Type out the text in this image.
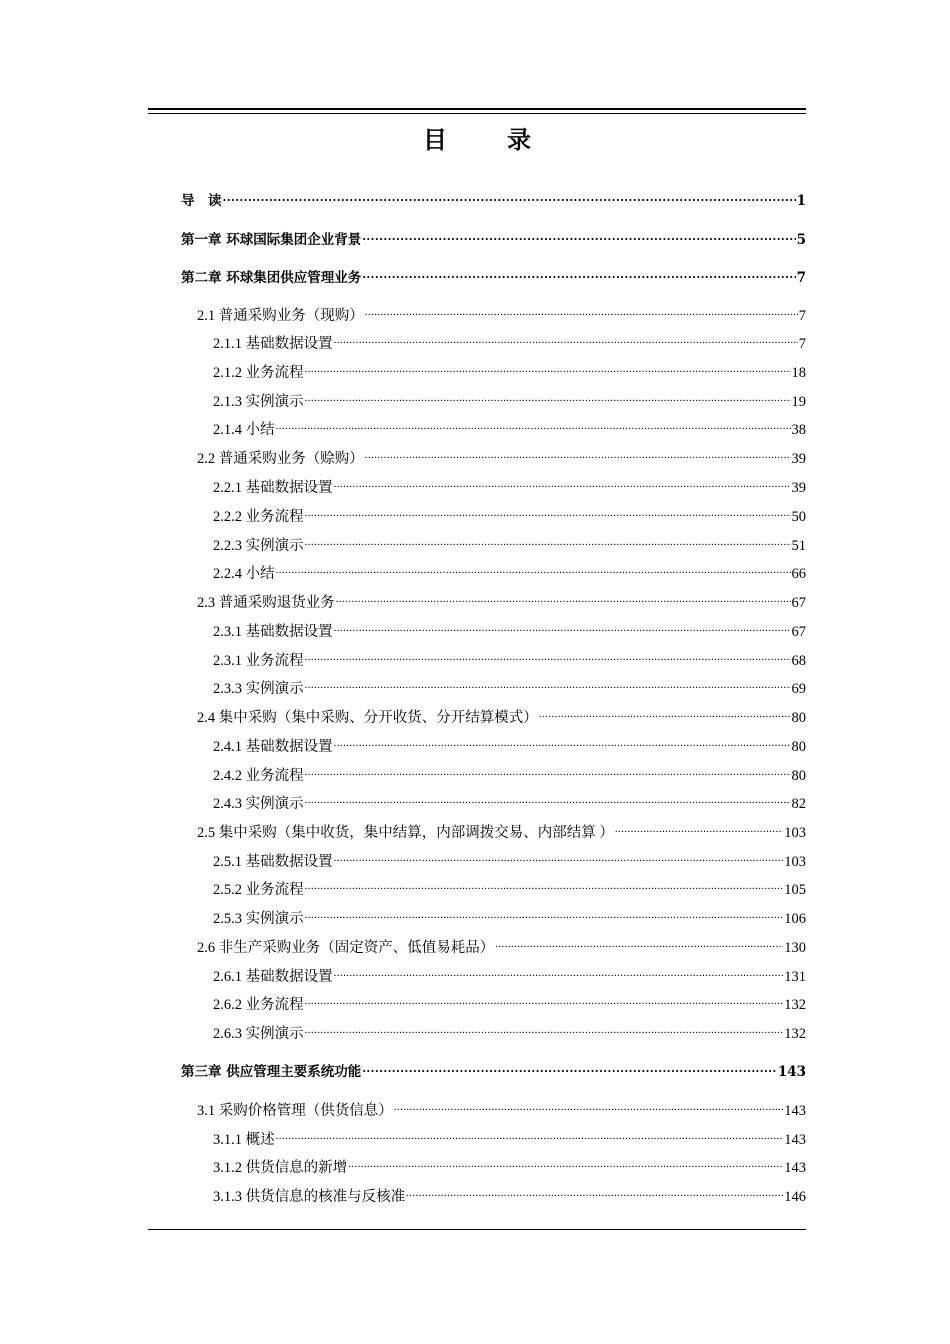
目	录
导　读 .....	1
第一章 环球国际集团企业背景 .....	5
第二章 环球集团供应管理业务 .....	7
2.1 普通采购业务（现购） .....	7
2.1.1 基础数据设置 .....	7
2.1.2 业务流程 .....	18
2.1.3 实例演示 .....	19
2.1.4 小结 .....	38
2.2 普通采购业务（赊购） .....	39
2.2.1 基础数据设置 .....	39
2.2.2 业务流程 .....	50
2.2.3 实例演示 .....	51
2.2.4 小结 .....	66
2.3 普通采购退货业务 .....	67
2.3.1 基础数据设置 .....	67
2.3.1 业务流程 .....	68
2.3.3 实例演示 .....	69
2.4 集中采购（集中采购、分开收货、分开结算模式） .....	80
2.4.1 基础数据设置 .....	80
2.4.2 业务流程 .....	80
2.4.3 实例演示 .....	82
2.5 集中采购（集中收货，集中结算，内部调拨交易、内部结算 ） .....	103
2.5.1 基础数据设置 .....	103
2.5.2 业务流程 .....	105
2.5.3 实例演示 .....	106
2.6 非生产采购业务（固定资产、低值易耗品） .....	130
2.6.1 基础数据设置 .....	131
2.6.2 业务流程 .....	132
2.6.3 实例演示 .....	132
第三章 供应管理主要系统功能 .....	143
3.1 采购价格管理（供货信息） .....	143
3.1.1 概述 .....	143
3.1.2 供货信息的新增 .....	143
3.1.3 供货信息的核准与反核准 .....	146
